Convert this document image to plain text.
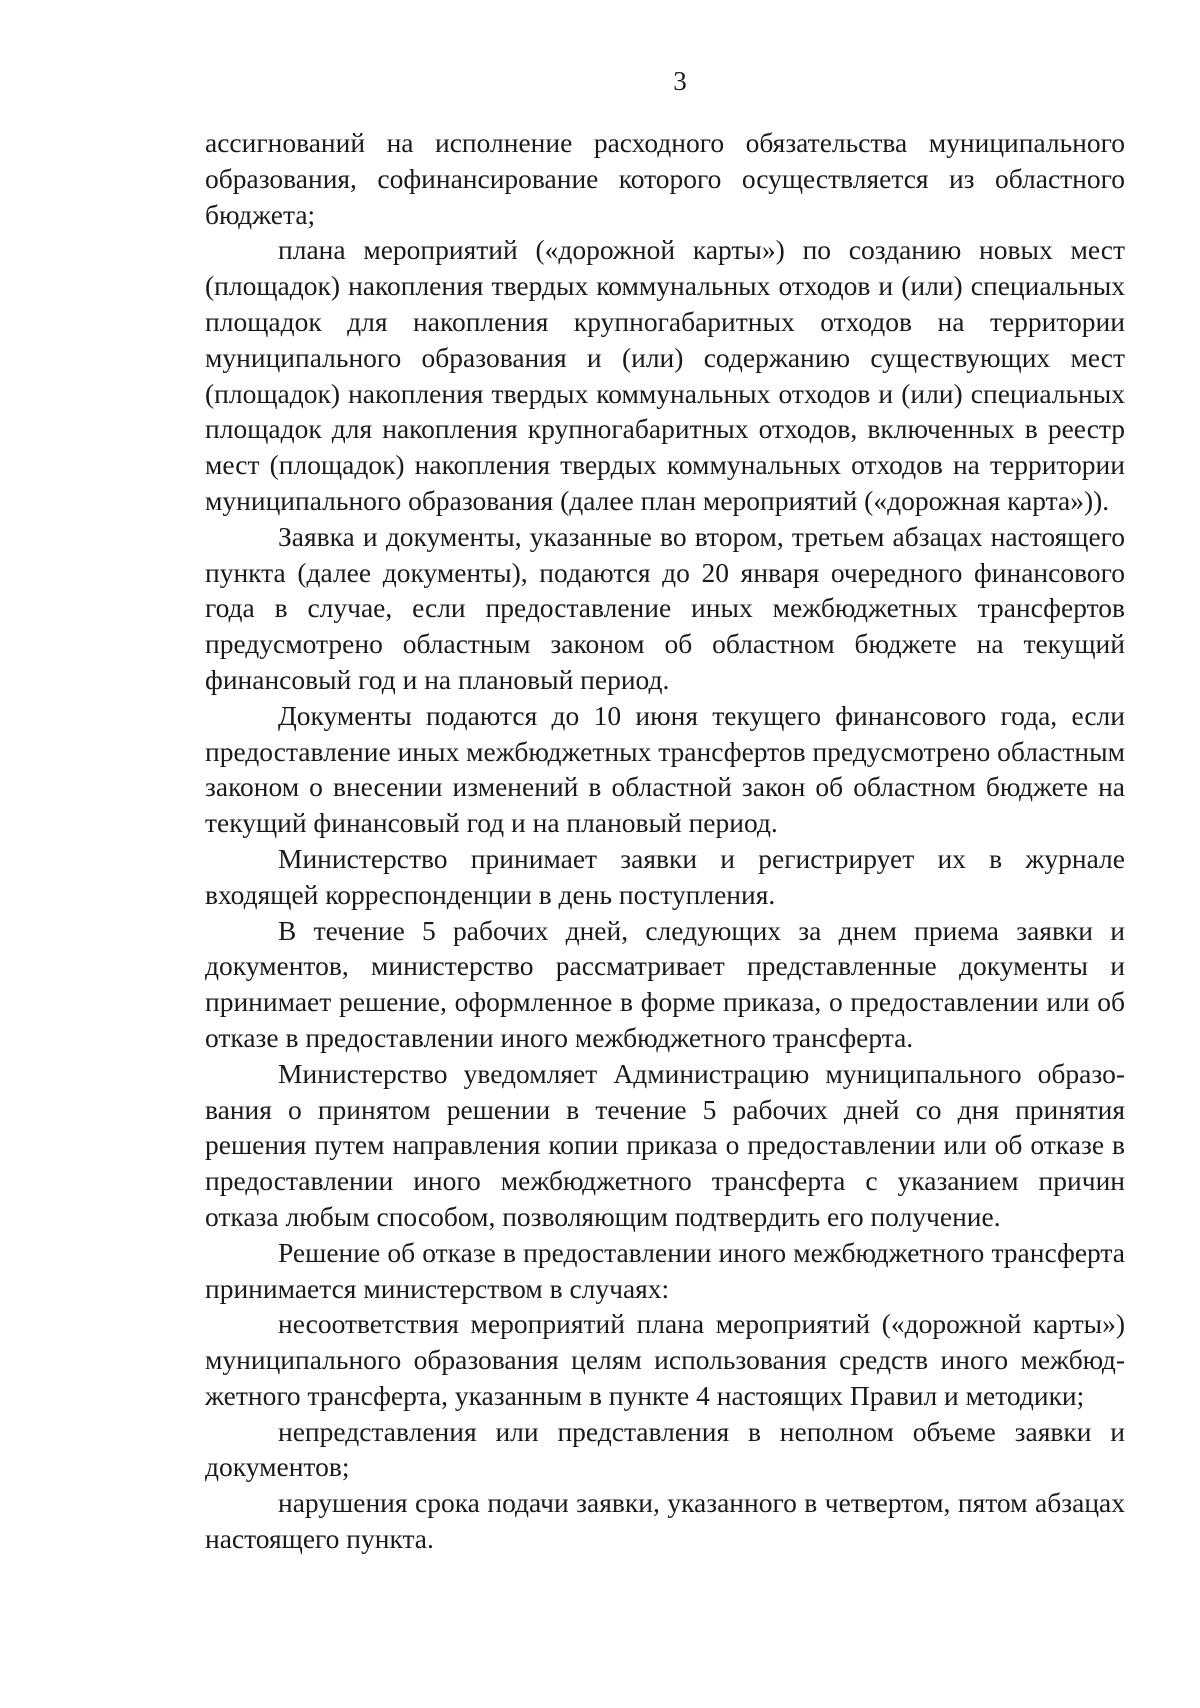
3

ассигнований на исполнение расходного обязательства муниципального образования, софинансирование которого осуществляется из областного бюджета;

плана мероприятий («дорожной карты») по созданию новых мест (площадок) накопления твердых коммунальных отходов и (или) специальных площадок для накопления крупногабаритных отходов на территории муниципального образования и (или) содержанию существующих мест (площадок) накопления твердых коммунальных отходов и (или) специальных площадок для накопления крупногабаритных отходов, включенных в реестр мест (площадок) накопления твердых коммунальных отходов на территории муниципального образования (далее план мероприятий («дорожная карта»)).

Заявка и документы, указанные во втором, третьем абзацах настоящего пункта (далее документы), подаются до 20 января очередного финансового года в случае, если предоставление иных межбюджетных трансфертов предусмотрено областным законом об областном бюджете на текущий финансовый год и на плановый период.

Документы подаются до 10 июня текущего финансового года, если предоставление иных межбюджетных трансфертов предусмотрено областным законом о внесении изменений в областной закон об областном бюджете на текущий финансовый год и на плановый период.

Министерство принимает заявки и регистрирует их в журнале входящей корреспонденции в день поступления.

В течение 5 рабочих дней, следующих за днем приема заявки и документов, министерство рассматривает представленные документы и принимает решение, оформленное в форме приказа, о предоставлении или об отказе в предоставлении иного межбюджетного трансферта.

Министерство уведомляет Администрацию муниципального образования о принятом решении в течение 5 рабочих дней со дня принятия решения путем направления копии приказа о предоставлении или об отказе в предоставлении иного межбюджетного трансферта с указанием причин отказа любым способом, позволяющим подтвердить его получение.

Решение об отказе в предоставлении иного межбюджетного трансферта принимается министерством в случаях:

несоответствия мероприятий плана мероприятий («дорожной карты») муниципального образования целям использования средств иного межбюджетного трансферта, указанным в пункте 4 настоящих Правил и методики;

непредставления или представления в неполном объеме заявки и документов;

нарушения срока подачи заявки, указанного в четвертом, пятом абзацах настоящего пункта.
